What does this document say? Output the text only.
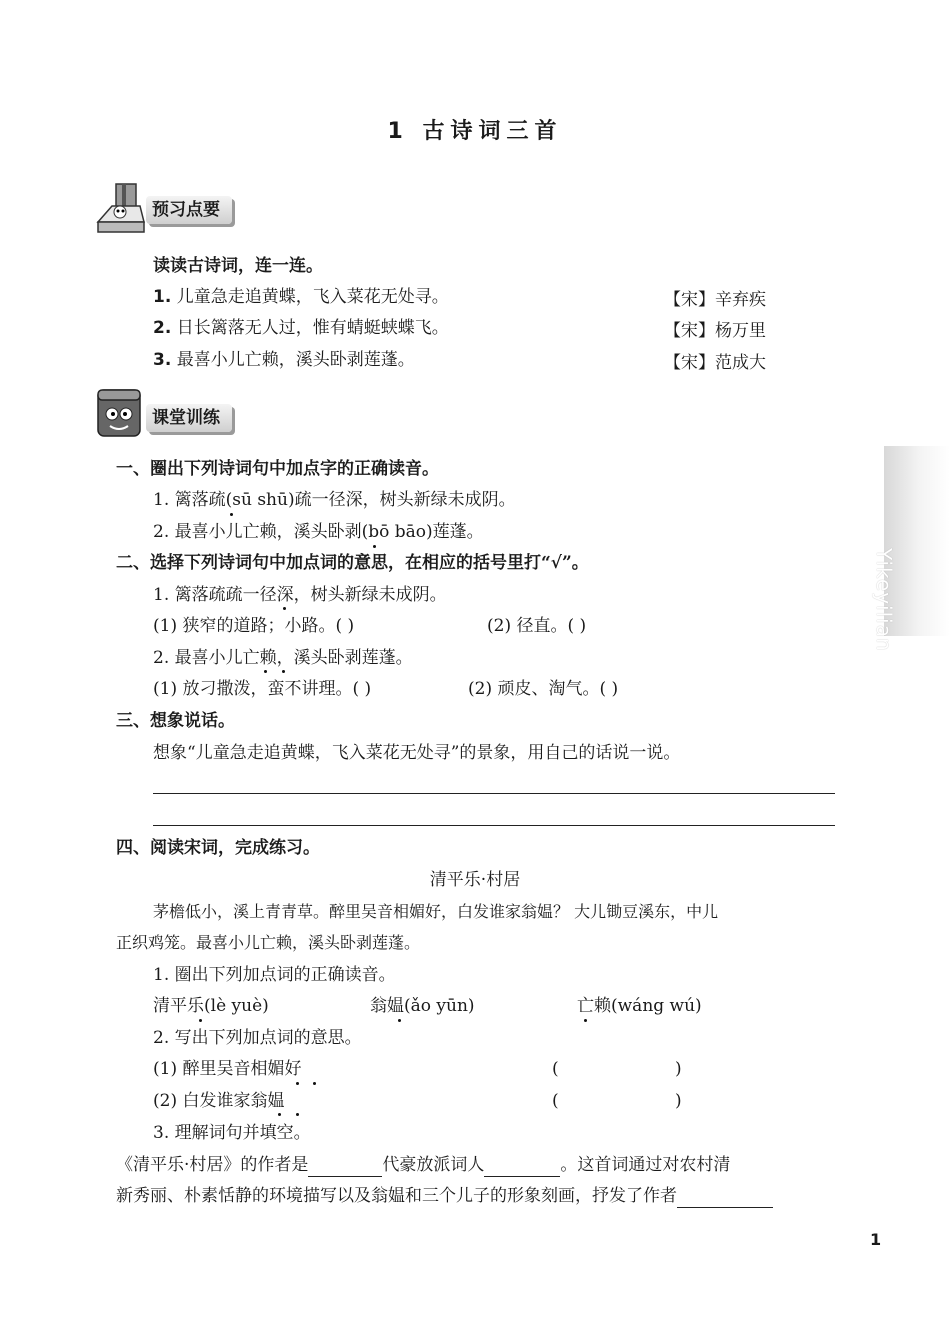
1 古诗词三首
预习点要
读读古诗词，连一连。
1. 儿童急走追黄蝶，飞入菜花无处寻。	【宋】辛弃疾
2. 日长篱落无人过，惟有蜻蜓蛱蝶飞。	【宋】杨万里
3. 最喜小儿亡赖，溪头卧剥莲蓬。	【宋】范成大
课堂训练
一、圈出下列诗词句中加点字的正确读音。
1. 篱落疏(sū shū)疏一径深，树头新绿未成阴。
2. 最喜小儿亡赖，溪头卧剥(bō bāo)莲蓬。
二、选择下列诗词句中加点词的意思，在相应的括号里打“√”。
1. 篱落疏疏一径深，树头新绿未成阴。
(1) 狭窄的道路；小路。( )	(2) 径直。( )
2. 最喜小儿亡赖，溪头卧剥莲蓬。
(1) 放刁撒泼，蛮不讲理。( )	(2) 顽皮、淘气。( )
三、想象说话。
想象“儿童急走追黄蝶，飞入菜花无处寻”的景象，用自己的话说一说。
四、阅读宋词，完成练习。
清平乐·村居
茅檐低小，溪上青青草。醉里吴音相媚好，白发谁家翁媪？ 大儿锄豆溪东，中儿
正织鸡笼。最喜小儿亡赖，溪头卧剥莲蓬。
1. 圈出下列加点词的正确读音。
清平乐(lè yuè)	翁媪(ǎo yūn)	亡赖(wáng wú)
2. 写出下列加点词的意思。
(1) 醉里吴音相媚好	(	)
(2) 白发谁家翁媪	(	)
3. 理解词句并填空。
《清平乐·村居》的作者是	代豪放派词人	。这首词通过对农村清
新秀丽、朴素恬静的环境描写以及翁媪和三个儿子的形象刻画，抒发了作者
Yikeyilian
1
